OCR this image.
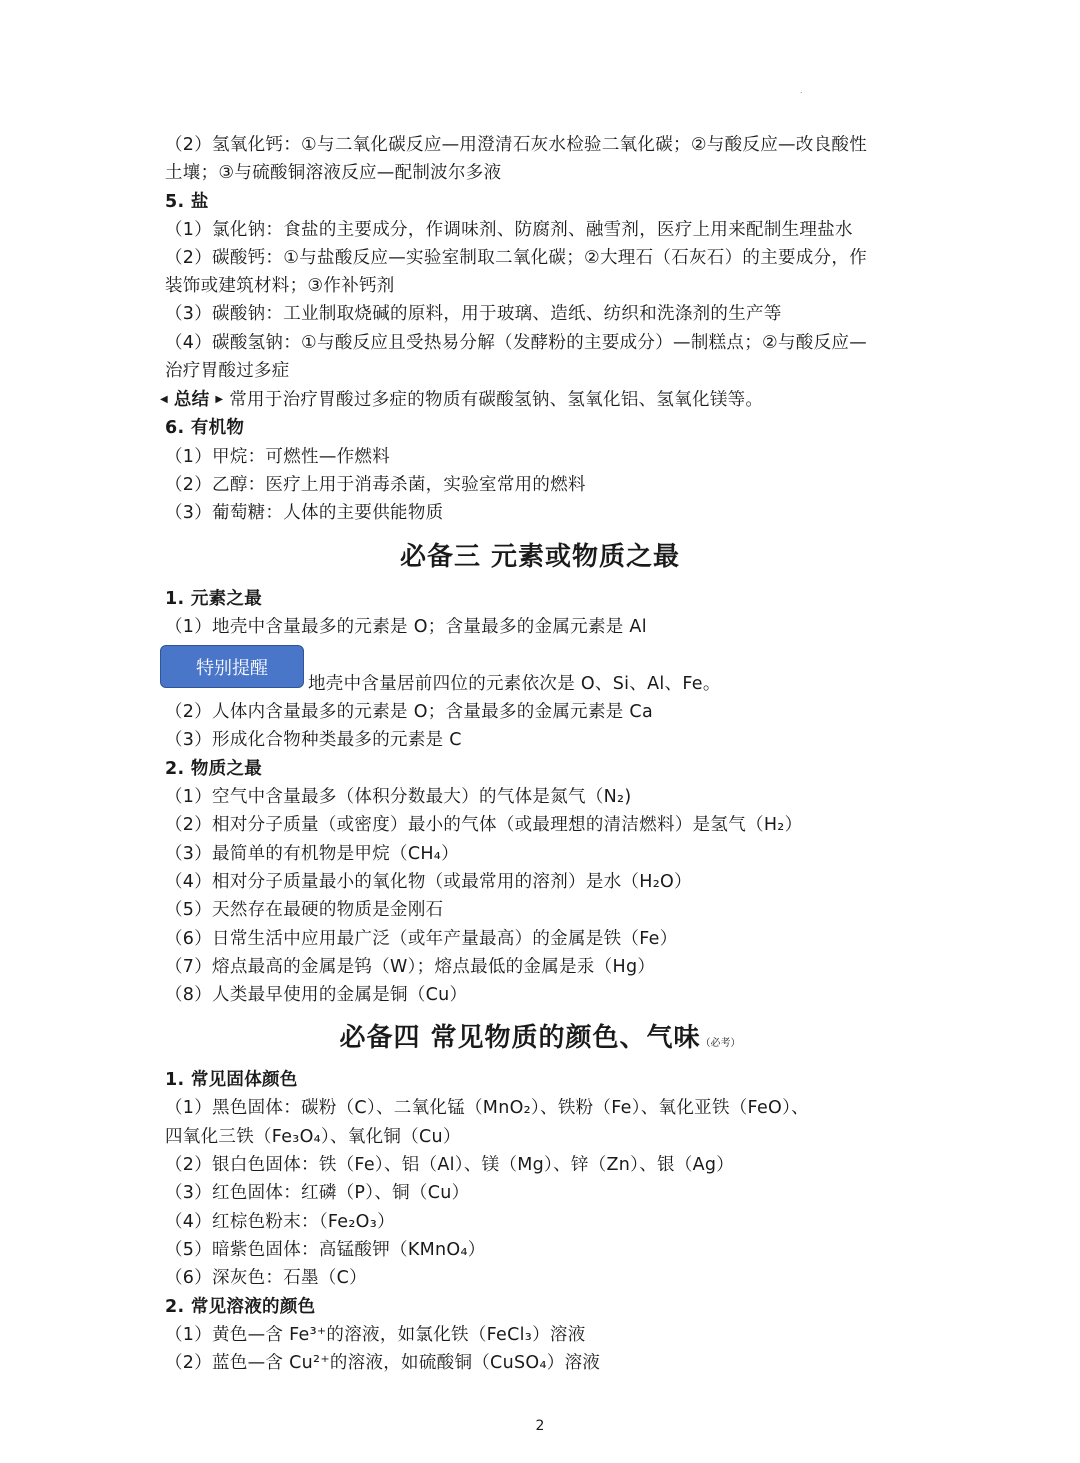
.

（2）氢氧化钙：①与二氧化碳反应—用澄清石灰水检验二氧化碳；②与酸反应—改良酸性

土壤；③与硫酸铜溶液反应—配制波尔多液

5. 盐

（1）氯化钠：食盐的主要成分，作调味剂、防腐剂、融雪剂，医疗上用来配制生理盐水

（2）碳酸钙：①与盐酸反应—实验室制取二氧化碳；②大理石（石灰石）的主要成分，作

装饰或建筑材料；③作补钙剂

（3）碳酸钠：工业制取烧碱的原料，用于玻璃、造纸、纺织和洗涤剂的生产等

（4）碳酸氢钠：①与酸反应且受热易分解（发酵粉的主要成分）—制糕点；②与酸反应—

治疗胃酸过多症

◀ 总结 ▶ 常用于治疗胃酸过多症的物质有碳酸氢钠、氢氧化铝、氢氧化镁等。

6. 有机物

（1）甲烷：可燃性—作燃料

（2）乙醇：医疗上用于消毒杀菌，实验室常用的燃料

（3）葡萄糖：人体的主要供能物质

必备三 元素或物质之最

1. 元素之最

（1）地壳中含量最多的元素是 O；含量最多的金属元素是 Al

特别提醒

地壳中含量居前四位的元素依次是 O、Si、Al、Fe。

（2）人体内含量最多的元素是 O；含量最多的金属元素是 Ca

（3）形成化合物种类最多的元素是 C

2. 物质之最

（1）空气中含量最多（体积分数最大）的气体是氮气（N₂)

（2）相对分子质量（或密度）最小的气体（或最理想的清洁燃料）是氢气（H₂）

（3）最简单的有机物是甲烷（CH₄）

（4）相对分子质量最小的氧化物（或最常用的溶剂）是水（H₂O）

（5）天然存在最硬的物质是金刚石

（6）日常生活中应用最广泛（或年产量最高）的金属是铁（Fe）

（7）熔点最高的金属是钨（W）；熔点最低的金属是汞（Hg）

（8）人类最早使用的金属是铜（Cu）

必备四 常见物质的颜色、气味（必考）

1. 常见固体颜色

（1）黑色固体：碳粉（C）、二氧化锰（MnO₂）、铁粉（Fe）、氧化亚铁（FeO）、

四氧化三铁（Fe₃O₄）、氧化铜（Cu）

（2）银白色固体：铁（Fe）、铝（Al）、镁（Mg）、锌（Zn）、银（Ag）

（3）红色固体：红磷（P）、铜（Cu）

（4）红棕色粉末：（Fe₂O₃）

（5）暗紫色固体：高锰酸钾（KMnO₄）

（6）深灰色：石墨（C）

2. 常见溶液的颜色

（1）黄色—含 Fe³⁺的溶液，如氯化铁（FeCl₃）溶液

（2）蓝色—含 Cu²⁺的溶液，如硫酸铜（CuSO₄）溶液

2
